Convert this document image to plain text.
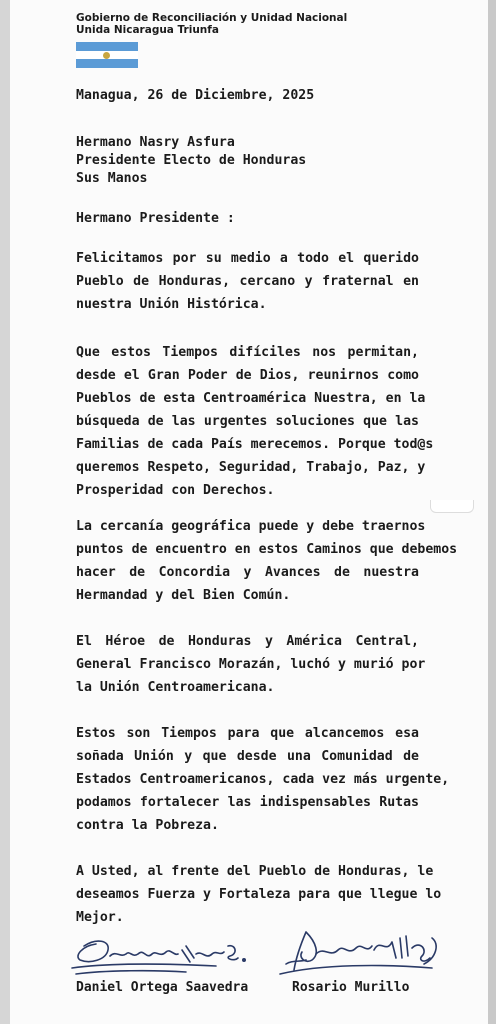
Gobierno de Reconciliación y Unidad Nacional
Unida Nicaragua Triunfa
Managua, 26 de Diciembre, 2025
Hermano Nasry Asfura
Presidente Electo de Honduras
Sus Manos
Hermano Presidente :
Felicitamos por su medio a todo el querido
Pueblo de Honduras, cercano y fraternal en
nuestra Unión Histórica.
Que estos Tiempos difíciles nos permitan,
desde el Gran Poder de Dios, reunirnos como
Pueblos de esta Centroamérica Nuestra, en la
búsqueda de las urgentes soluciones que las
Familias de cada País merecemos. Porque tod@s
queremos Respeto, Seguridad, Trabajo, Paz, y
Prosperidad con Derechos.
La cercanía geográfica puede y debe traernos
puntos de encuentro en estos Caminos que debemos
hacer de Concordia y Avances de nuestra
Hermandad y del Bien Común.
El Héroe de Honduras y América Central,
General Francisco Morazán, luchó y murió por
la Unión Centroamericana.
Estos son Tiempos para que alcancemos esa
soñada Unión y que desde una Comunidad de
Estados Centroamericanos, cada vez más urgente,
podamos fortalecer las indispensables Rutas
contra la Pobreza.
A Usted, al frente del Pueblo de Honduras, le
deseamos Fuerza y Fortaleza para que llegue lo
Mejor.
Daniel Ortega Saavedra	Rosario Murillo
